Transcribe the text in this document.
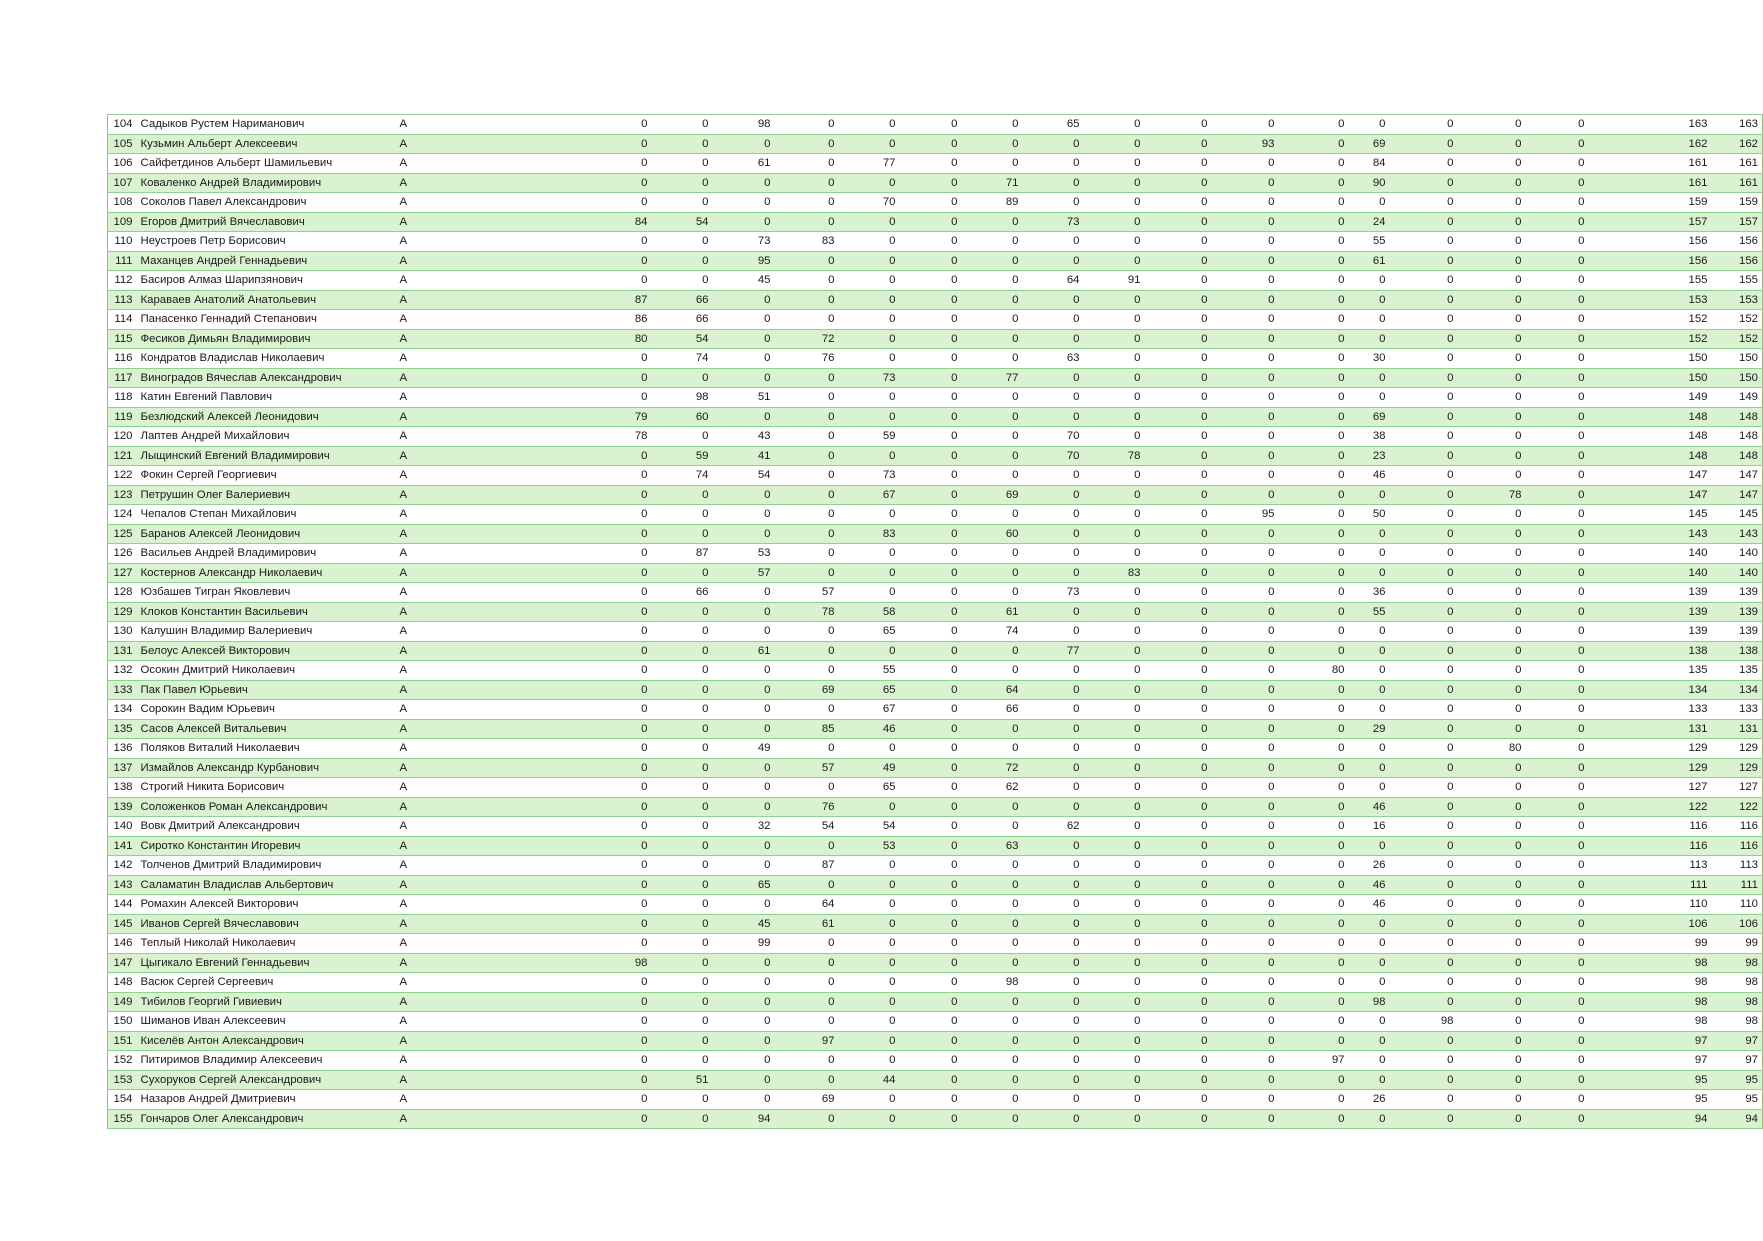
104	Садыков Рустем Нариманович	А	0	0	98	0	0	0	0	65	0	0	0	0	0	0	0	0	163	163
105	Кузьмин Альберт Алексеевич	А	0	0	0	0	0	0	0	0	0	0	93	0	69	0	0	0	162	162
106	Сайфетдинов Альберт Шамильевич	А	0	0	61	0	77	0	0	0	0	0	0	0	84	0	0	0	161	161
107	Коваленко Андрей Владимирович	А	0	0	0	0	0	0	71	0	0	0	0	0	90	0	0	0	161	161
108	Соколов Павел Александрович	А	0	0	0	0	70	0	89	0	0	0	0	0	0	0	0	0	159	159
109	Егоров Дмитрий Вячеславович	А	84	54	0	0	0	0	0	73	0	0	0	0	24	0	0	0	157	157
110	Неустроев Петр Борисович	А	0	0	73	83	0	0	0	0	0	0	0	0	55	0	0	0	156	156
111	Маханцев Андрей Геннадьевич	А	0	0	95	0	0	0	0	0	0	0	0	0	61	0	0	0	156	156
112	Басиров Алмаз Шарипзянович	А	0	0	45	0	0	0	0	64	91	0	0	0	0	0	0	0	155	155
113	Караваев Анатолий Анатольевич	А	87	66	0	0	0	0	0	0	0	0	0	0	0	0	0	0	153	153
114	Панасенко Геннадий Степанович	А	86	66	0	0	0	0	0	0	0	0	0	0	0	0	0	0	152	152
115	Фесиков Димьян Владимирович	А	80	54	0	72	0	0	0	0	0	0	0	0	0	0	0	0	152	152
116	Кондратов Владислав Николаевич	А	0	74	0	76	0	0	0	63	0	0	0	0	30	0	0	0	150	150
117	Виноградов Вячеслав Александрович	А	0	0	0	0	73	0	77	0	0	0	0	0	0	0	0	0	150	150
118	Катин Евгений Павлович	А	0	98	51	0	0	0	0	0	0	0	0	0	0	0	0	0	149	149
119	Безлюдский Алексей Леонидович	А	79	60	0	0	0	0	0	0	0	0	0	0	69	0	0	0	148	148
120	Лаптев Андрей Михайлович	А	78	0	43	0	59	0	0	70	0	0	0	0	38	0	0	0	148	148
121	Лыщинский Евгений Владимирович	А	0	59	41	0	0	0	0	70	78	0	0	0	23	0	0	0	148	148
122	Фокин Сергей Георгиевич	А	0	74	54	0	73	0	0	0	0	0	0	0	46	0	0	0	147	147
123	Петрушин Олег Валериевич	А	0	0	0	0	67	0	69	0	0	0	0	0	0	0	78	0	147	147
124	Чепалов Степан Михайлович	А	0	0	0	0	0	0	0	0	0	0	95	0	50	0	0	0	145	145
125	Баранов Алексей Леонидович	А	0	0	0	0	83	0	60	0	0	0	0	0	0	0	0	0	143	143
126	Васильев Андрей Владимирович	А	0	87	53	0	0	0	0	0	0	0	0	0	0	0	0	0	140	140
127	Костернов Александр Николаевич	А	0	0	57	0	0	0	0	0	83	0	0	0	0	0	0	0	140	140
128	Юзбашев Тигран Яковлевич	А	0	66	0	57	0	0	0	73	0	0	0	0	36	0	0	0	139	139
129	Клоков Константин Васильевич	А	0	0	0	78	58	0	61	0	0	0	0	0	55	0	0	0	139	139
130	Калушин Владимир Валериевич	А	0	0	0	0	65	0	74	0	0	0	0	0	0	0	0	0	139	139
131	Белоус Алексей Викторович	А	0	0	61	0	0	0	0	77	0	0	0	0	0	0	0	0	138	138
132	Осокин Дмитрий Николаевич	А	0	0	0	0	55	0	0	0	0	0	0	80	0	0	0	0	135	135
133	Пак Павел Юрьевич	А	0	0	0	69	65	0	64	0	0	0	0	0	0	0	0	0	134	134
134	Сорокин Вадим Юрьевич	А	0	0	0	0	67	0	66	0	0	0	0	0	0	0	0	0	133	133
135	Сасов Алексей Витальевич	А	0	0	0	85	46	0	0	0	0	0	0	0	29	0	0	0	131	131
136	Поляков Виталий Николаевич	А	0	0	49	0	0	0	0	0	0	0	0	0	0	0	80	0	129	129
137	Измайлов Александр Курбанович	А	0	0	0	57	49	0	72	0	0	0	0	0	0	0	0	0	129	129
138	Строгий Никита Борисович	А	0	0	0	0	65	0	62	0	0	0	0	0	0	0	0	0	127	127
139	Соложенков Роман Александрович	А	0	0	0	76	0	0	0	0	0	0	0	0	46	0	0	0	122	122
140	Вовк Дмитрий Александрович	А	0	0	32	54	54	0	0	62	0	0	0	0	16	0	0	0	116	116
141	Сиротко Константин Игоревич	А	0	0	0	0	53	0	63	0	0	0	0	0	0	0	0	0	116	116
142	Толченов Дмитрий Владимирович	А	0	0	0	87	0	0	0	0	0	0	0	0	26	0	0	0	113	113
143	Саламатин Владислав Альбертович	А	0	0	65	0	0	0	0	0	0	0	0	0	46	0	0	0	111	111
144	Ромахин Алексей Викторович	А	0	0	0	64	0	0	0	0	0	0	0	0	46	0	0	0	110	110
145	Иванов Сергей Вячеславович	А	0	0	45	61	0	0	0	0	0	0	0	0	0	0	0	0	106	106
146	Теплый Николай Николаевич	А	0	0	99	0	0	0	0	0	0	0	0	0	0	0	0	0	99	99
147	Цыгикало Евгений Геннадьевич	А	98	0	0	0	0	0	0	0	0	0	0	0	0	0	0	0	98	98
148	Васюк Сергей Сергеевич	А	0	0	0	0	0	0	98	0	0	0	0	0	0	0	0	0	98	98
149	Тибилов Георгий Гивиевич	А	0	0	0	0	0	0	0	0	0	0	0	0	98	0	0	0	98	98
150	Шиманов Иван Алексеевич	А	0	0	0	0	0	0	0	0	0	0	0	0	0	98	0	0	98	98
151	Киселёв Антон Александрович	А	0	0	0	97	0	0	0	0	0	0	0	0	0	0	0	0	97	97
152	Питиримов Владимир Алексеевич	А	0	0	0	0	0	0	0	0	0	0	0	97	0	0	0	0	97	97
153	Сухоруков Сергей Александрович	А	0	51	0	0	44	0	0	0	0	0	0	0	0	0	0	0	95	95
154	Назаров Андрей Дмитриевич	А	0	0	0	69	0	0	0	0	0	0	0	0	26	0	0	0	95	95
155	Гончаров Олег Александрович	А	0	0	94	0	0	0	0	0	0	0	0	0	0	0	0	0	94	94
